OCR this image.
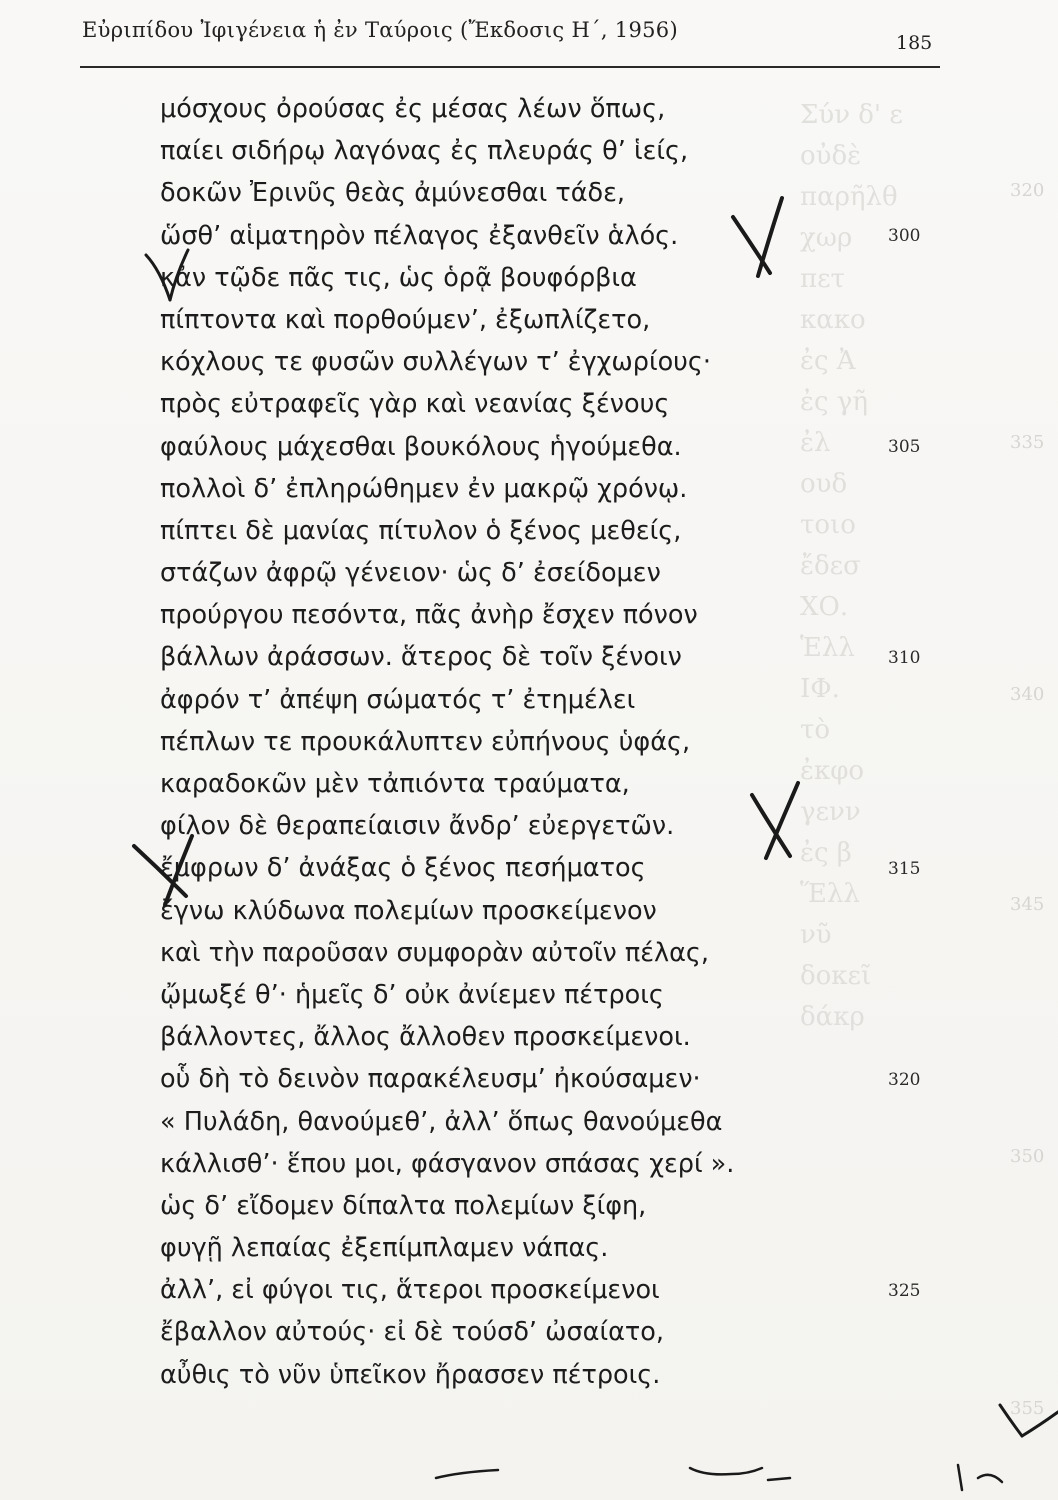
Σύν δ' ε
οὐδὲ
παρῆλθ
χωρ
πετ
κακο
ἐς Ἀ
ἐς γῆ
ἐλ
ουδ
τοιο
ἔδεσ
ΧΟ.
Ἑλλ
ΙΦ.
τὸ
ἐκφο
γενν
ἐς β
Ἕλλ
νῦ
δοκεῖ
δάκρ
320
335
340
345
350
355
Εὐριπίδου Ἰφιγένεια ἡ ἐν Ταύροις (Ἔκδοσις Η΄, 1956)
185
μόσχους ὀρούσας ἐς μέσας λέων ὅπως,
παίει σιδήρῳ λαγόνας ἐς πλευράς θ’ ἱείς,
δοκῶν Ἐρινῦς θεὰς ἀμύνεσθαι τάδε,
ὥσθ’ αἱματηρὸν πέλαγος ἐξανθεῖν ἁλός.
κἀν τῷδε πᾶς τις, ὡς ὁρᾷ βουφόρβια
πίπτοντα καὶ πορθούμεν’, ἐξωπλίζετο,
κόχλους τε φυσῶν συλλέγων τ’ ἐγχωρίους·
πρὸς εὐτραφεῖς γὰρ καὶ νεανίας ξένους
φαύλους μάχεσθαι βουκόλους ἡγούμεθα.
πολλοὶ δ’ ἐπληρώθημεν ἐν μακρῷ χρόνῳ.
πίπτει δὲ μανίας πίτυλον ὁ ξένος μεθείς,
στάζων ἀφρῷ γένειον· ὡς δ’ ἐσείδομεν
προύργου πεσόντα, πᾶς ἀνὴρ ἔσχεν πόνον
βάλλων ἀράσσων. ἅτερος δὲ τοῖν ξένοιν
ἀφρόν τ’ ἀπέψη σώματός τ’ ἐτημέλει
πέπλων τε προυκάλυπτεν εὐπήνους ὑφάς,
καραδοκῶν μὲν τἀπιόντα τραύματα,
φίλον δὲ θεραπείαισιν ἄνδρ’ εὐεργετῶν.
ἔμφρων δ’ ἀνάξας ὁ ξένος πεσήματος
ἔγνω κλύδωνα πολεμίων προσκείμενον
καὶ τὴν παροῦσαν συμφορὰν αὐτοῖν πέλας,
ᾤμωξέ θ’· ἡμεῖς δ’ οὐκ ἀνίεμεν πέτροις
βάλλοντες, ἄλλος ἄλλοθεν προσκείμενοι.
οὗ δὴ τὸ δεινὸν παρακέλευσμ’ ἠκούσαμεν·
« Πυλάδη, θανούμεθ’, ἀλλ’ ὅπως θανούμεθα
κάλλισθ’· ἕπου μοι, φάσγανον σπάσας χερί ».
ὡς δ’ εἴδομεν δίπαλτα πολεμίων ξίφη,
φυγῇ λεπαίας ἐξεπίμπλαμεν νάπας.
ἀλλ’, εἰ φύγοι τις, ἅτεροι προσκείμενοι
ἔβαλλον αὐτούς· εἰ δὲ τούσδ’ ὠσαίατο,
αὖθις τὸ νῦν ὑπεῖκον ἤρασσεν πέτροις.
300
305
310
315
320
325
